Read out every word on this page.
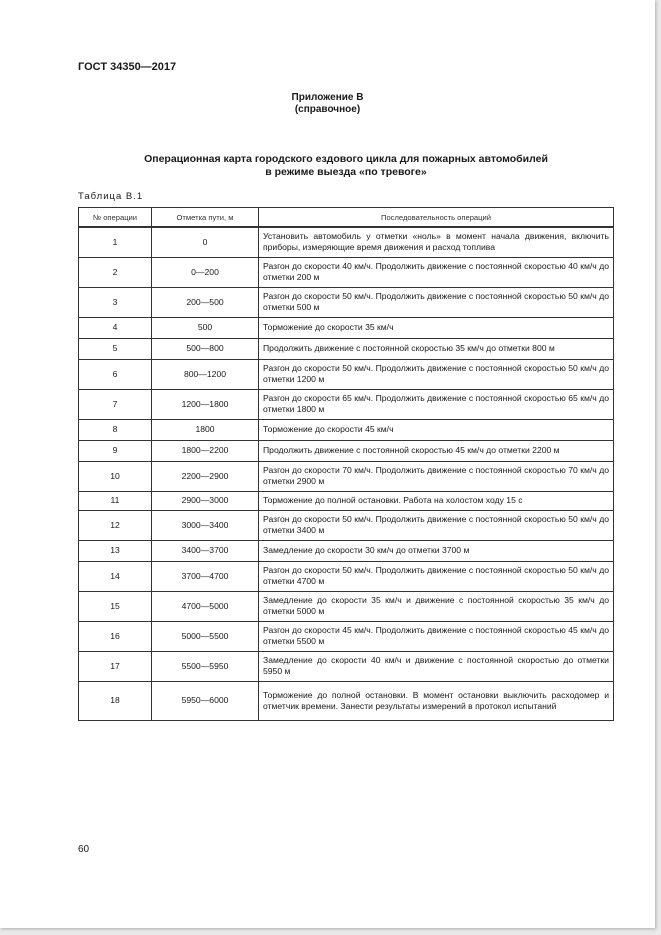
ГОСТ 34350—2017
Приложение В
(справочное)
Операционная карта городского ездового цикла для пожарных автомобилей
в режиме выезда «по тревоге»
Таблица В.1
№ операции	Отметка пути, м	Последовательность операций
1	0	Установить автомобиль у отметки «ноль» в момент начала движения, включить приборы, измеряющие время движения и расход топлива
2	0—200	Разгон до скорости 40 км/ч. Продолжить движение с постоянной скоростью 40 км/ч до отметки 200 м
3	200—500	Разгон до скорости 50 км/ч. Продолжить движение с постоянной скоростью 50 км/ч до отметки 500 м
4	500	Торможение до скорости 35 км/ч
5	500—800	Продолжить движение с постоянной скоростью 35 км/ч до отметки 800 м
6	800—1200	Разгон до скорости 50 км/ч. Продолжить движение с постоянной скоростью 50 км/ч до отметки 1200 м
7	1200—1800	Разгон до скорости 65 км/ч. Продолжить движение с постоянной скоростью 65 км/ч до отметки 1800 м
8	1800	Торможение до скорости 45 км/ч
9	1800—2200	Продолжить движение с постоянной скоростью 45 км/ч до отметки 2200 м
10	2200—2900	Разгон до скорости 70 км/ч. Продолжить движение с постоянной скоростью 70 км/ч до отметки 2900 м
11	2900—3000	Торможение до полной остановки. Работа на холостом ходу 15 с
12	3000—3400	Разгон до скорости 50 км/ч. Продолжить движение с постоянной скоростью 50 км/ч до отметки 3400 м
13	3400—3700	Замедление до скорости 30 км/ч до отметки 3700 м
14	3700—4700	Разгон до скорости 50 км/ч. Продолжить движение с постоянной скоростью 50 км/ч до отметки 4700 м
15	4700—5000	Замедление до скорости 35 км/ч и движение с постоянной скоростью 35 км/ч до отметки 5000 м
16	5000—5500	Разгон до скорости 45 км/ч. Продолжить движение с постоянной скоростью 45 км/ч до отметки 5500 м
17	5500—5950	Замедление до скорости 40 км/ч и движение с постоянной скоростью до отметки 5950 м
18	5950—6000	Торможение до полной остановки. В момент остановки выключить расходомер и отметчик времени. Занести результаты измерений в протокол испытаний
60
